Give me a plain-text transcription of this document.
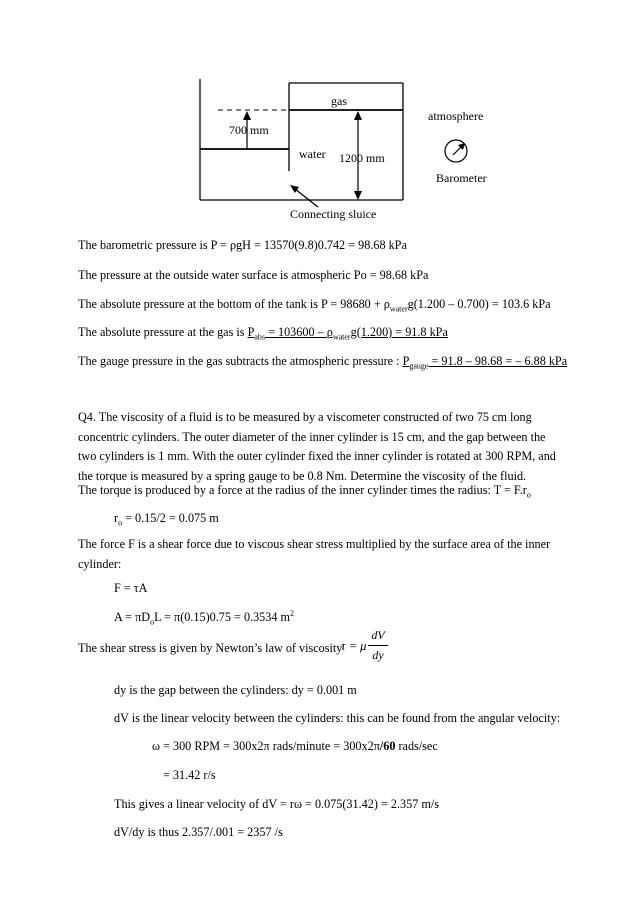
gas
water
700 mm
1200 mm
atmosphere
Barometer
Connecting sluice
The barometric pressure is P = ρgH = 13570(9.8)0.742 = 98.68 kPa
The pressure at the outside water surface is atmospheric Po = 98.68 kPa
The absolute pressure at the bottom of the tank is $P = 98680 + \rho_{water}g(1.200 - 0.700) = 103.6$ kPa
The absolute pressure at the gas is $P_{abs} = 103600 - \rho_{water}g(1.200) = 91.8$ kPa
The gauge pressure in the gas subtracts the atmospheric pressure : $P_{gauge} = 91.8 - 98.68$ = – 6.88 kPa
Q4. The viscosity of a fluid is to be measured by a viscometer constructed of two 75 cm long concentric cylinders. The outer diameter of the inner cylinder is 15 cm, and the gap between the two cylinders is 1 mm. With the outer cylinder fixed the inner cylinder is rotated at 300 RPM, and the torque is measured by a spring gauge to be 0.8 Nm. Determine the viscosity of the fluid.
The torque is produced by a force at the radius of the inner cylinder times the radius: $T = F.r_o$
$r_o = 0.15/2 = 0.075$ m
The force F is a shear force due to viscous shear stress multiplied by the surface area of the inner cylinder:
F = τA
$A = \pi D_oL = \pi(0.15)0.75 = 0.3534$ $m^2$
The shear stress is given by Newton’s law of viscosity
τ = μ
dV
dy
dy is the gap between the cylinders: dy = 0.001 m
dV is the linear velocity between the cylinders: this can be found from the angular velocity:
ω = 300 RPM = 300x2π rads/minute = 300x2π/60 rads/sec
= 31.42 r/s
This gives a linear velocity of dV = rω = 0.075(31.42) = 2.357 m/s
dV/dy is thus 2.357/.001 = 2357 /s
